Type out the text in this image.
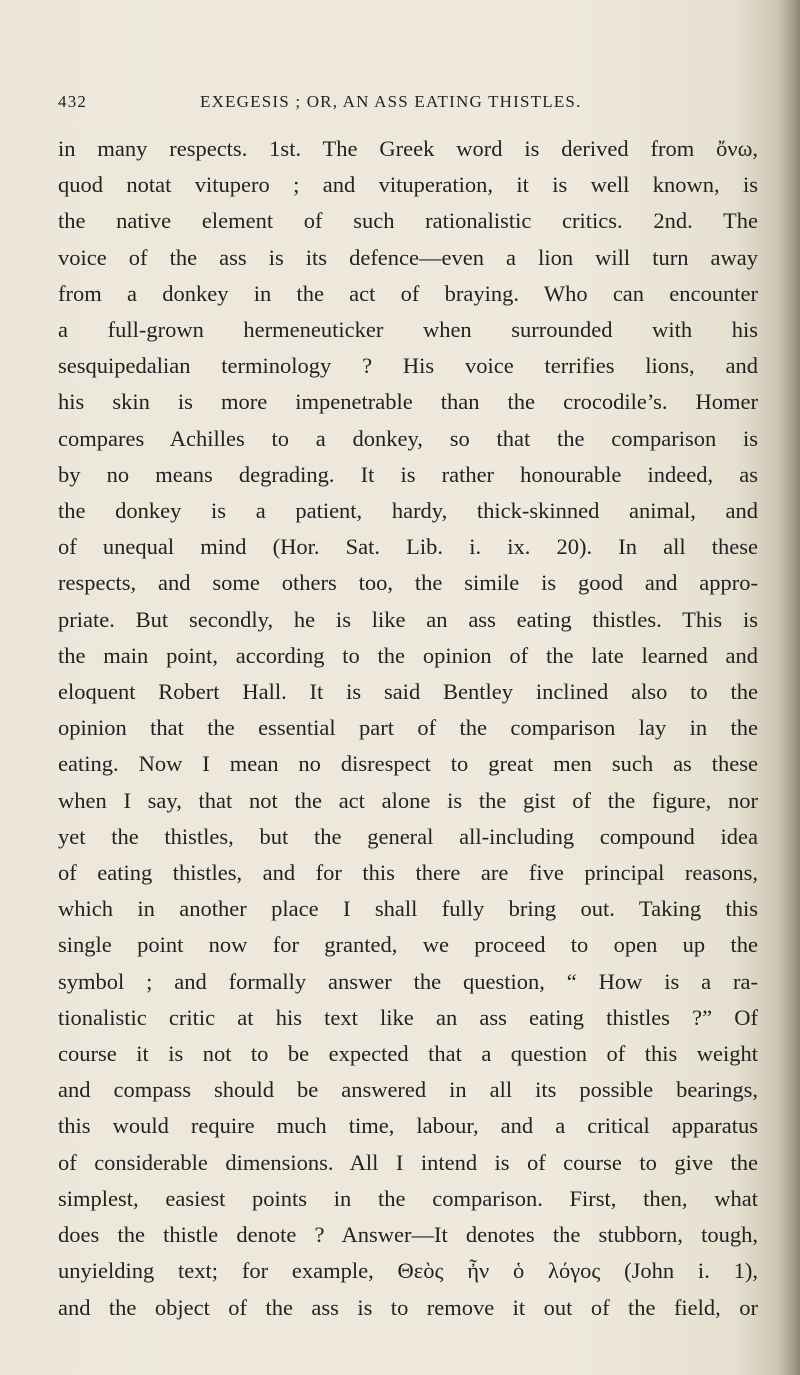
432	EXEGESIS ; OR, AN ASS EATING THISTLES.
in many respects. 1st. The Greek word is derived from ὄνω,
quod notat vitupero ; and vituperation, it is well known, is
the native element of such rationalistic critics. 2nd. The
voice of the ass is its defence—even a lion will turn away
from a donkey in the act of braying. Who can encounter
a full-grown hermeneuticker when surrounded with his
sesquipedalian terminology ? His voice terrifies lions, and
his skin is more impenetrable than the crocodile’s. Homer
compares Achilles to a donkey, so that the comparison is
by no means degrading. It is rather honourable indeed, as
the donkey is a patient, hardy, thick-skinned animal, and
of unequal mind (Hor. Sat. Lib. i. ix. 20). In all these
respects, and some others too, the simile is good and appro-
priate. But secondly, he is like an ass eating thistles. This is
the main point, according to the opinion of the late learned and
eloquent Robert Hall. It is said Bentley inclined also to the
opinion that the essential part of the comparison lay in the
eating. Now I mean no disrespect to great men such as these
when I say, that not the act alone is the gist of the figure, nor
yet the thistles, but the general all-including compound idea
of eating thistles, and for this there are five principal reasons,
which in another place I shall fully bring out. Taking this
single point now for granted, we proceed to open up the
symbol ; and formally answer the question, “ How is a ra-
tionalistic critic at his text like an ass eating thistles ?” Of
course it is not to be expected that a question of this weight
and compass should be answered in all its possible bearings,
this would require much time, labour, and a critical apparatus
of considerable dimensions. All I intend is of course to give the
simplest, easiest points in the comparison. First, then, what
does the thistle denote ? Answer—It denotes the stubborn, tough,
unyielding text; for example, Θεὸς ἦν ὁ λόγος (John i. 1),
and the object of the ass is to remove it out of the field, or
